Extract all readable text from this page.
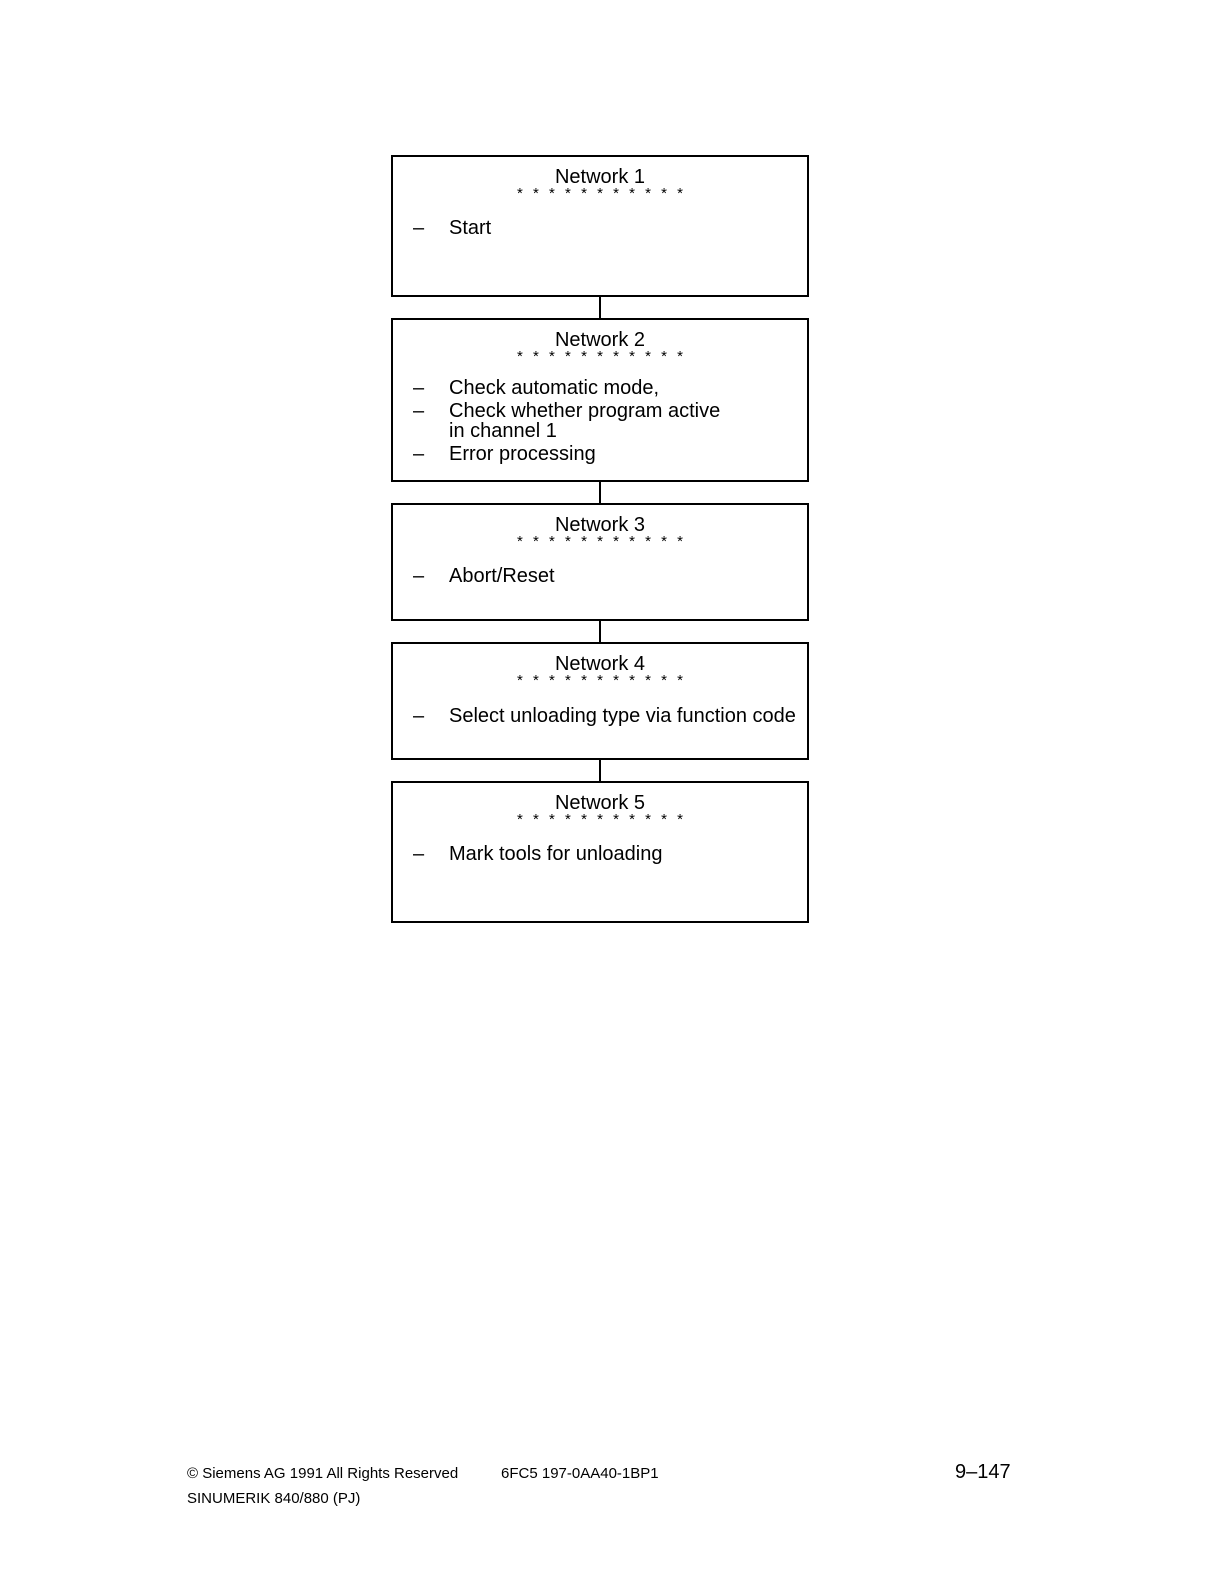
Network 1
* * * * * * * * * * *
– Start
Network 2
* * * * * * * * * * *
– Check automatic mode,
– Check whether program active in channel 1
– Error processing
Network 3
* * * * * * * * * * *
– Abort/Reset
Network 4
* * * * * * * * * * *
– Select unloading type via function code
Network 5
* * * * * * * * * * *
– Mark tools for unloading
© Siemens AG 1991 All Rights Reserved	6FC5 197-0AA40-1BP1
SINUMERIK 840/880 (PJ)
9–147
